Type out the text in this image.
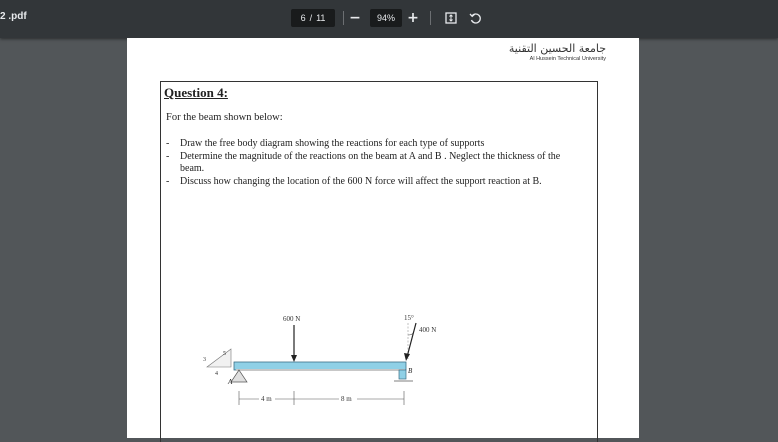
2 .pdf	6 / 11 −	94% +
جامعة الحسين التقنية
Al Hussein Technical University
Question 4:
For the beam shown below:
- Draw the free body diagram showing the reactions for each type of supports
- Determine the magnitude of the reactions on the beam at A and B . Neglect the thickness of the beam.
- Discuss how changing the location of the 600 N force will affect the support reaction at B.
600 N	15°
400 N
A
3
4
5
B
4 m	8 m
